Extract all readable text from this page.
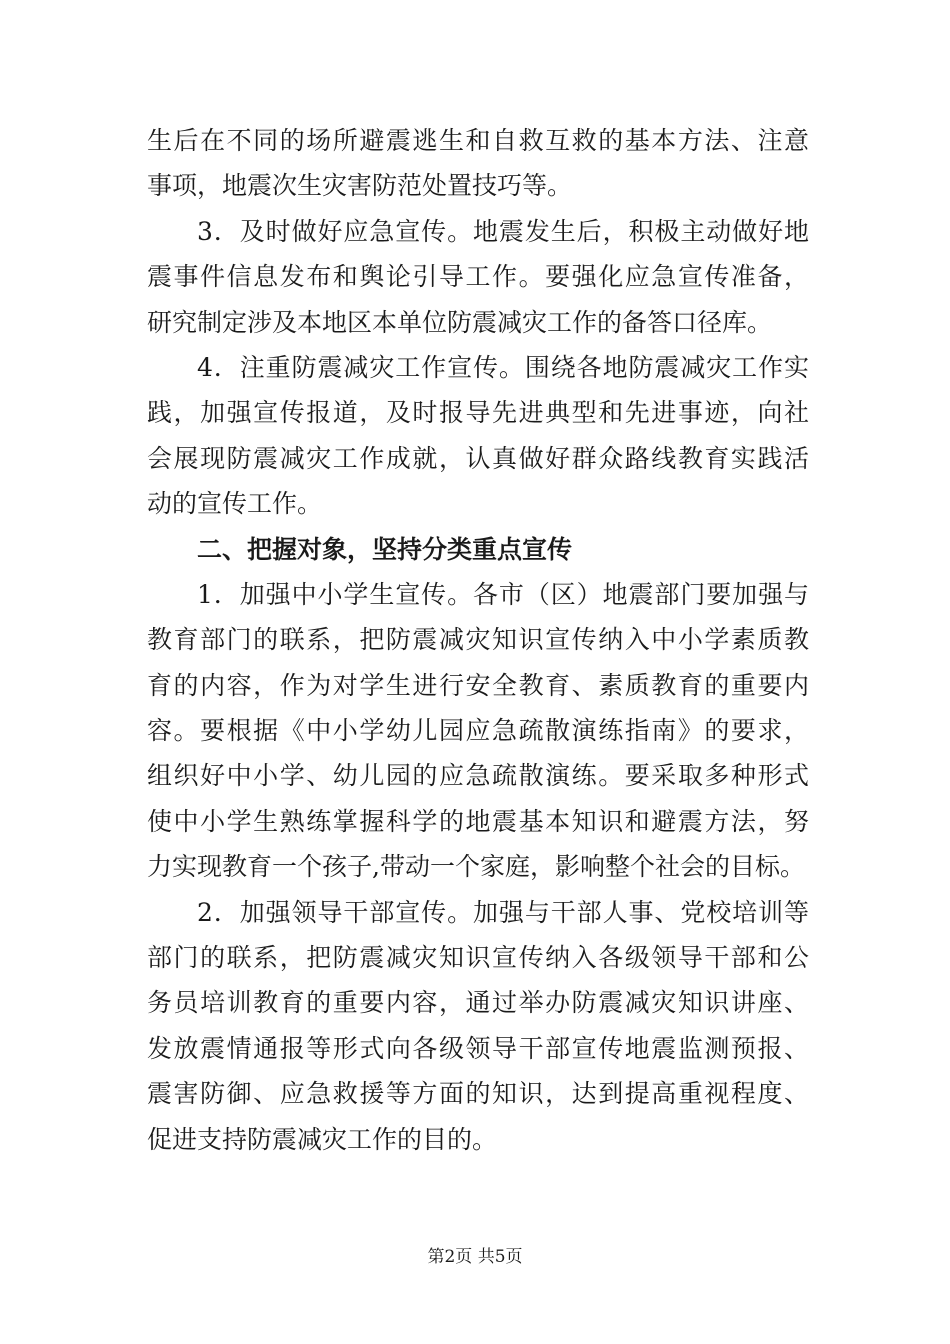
生后在不同的场所避震逃生和自救互救的基本方法、注意
事项，地震次生灾害防范处置技巧等。
3．及时做好应急宣传。地震发生后，积极主动做好地
震事件信息发布和舆论引导工作。要强化应急宣传准备，
研究制定涉及本地区本单位防震减灾工作的备答口径库。
4．注重防震减灾工作宣传。围绕各地防震减灾工作实
践，加强宣传报道，及时报导先进典型和先进事迹，向社
会展现防震减灾工作成就，认真做好群众路线教育实践活
动的宣传工作。
二、把握对象，坚持分类重点宣传
1．加强中小学生宣传。各市（区）地震部门要加强与
教育部门的联系，把防震减灾知识宣传纳入中小学素质教
育的内容，作为对学生进行安全教育、素质教育的重要内
容。要根据《中小学幼儿园应急疏散演练指南》的要求，
组织好中小学、幼儿园的应急疏散演练。要采取多种形式
使中小学生熟练掌握科学的地震基本知识和避震方法，努
力实现教育一个孩子,带动一个家庭，影响整个社会的目标。
2．加强领导干部宣传。加强与干部人事、党校培训等
部门的联系，把防震减灾知识宣传纳入各级领导干部和公
务员培训教育的重要内容，通过举办防震减灾知识讲座、
发放震情通报等形式向各级领导干部宣传地震监测预报、
震害防御、应急救援等方面的知识，达到提高重视程度、
促进支持防震减灾工作的目的。
第2页 共5页
